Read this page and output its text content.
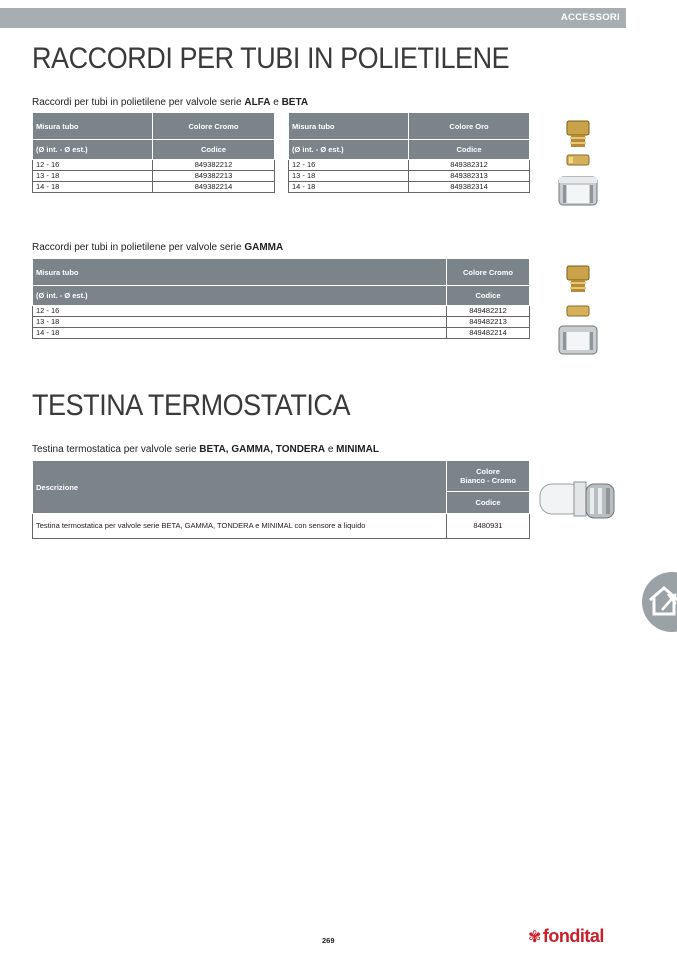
ACCESSORI
RACCORDI PER TUBI IN POLIETILENE
Raccordi per tubi in polietilene per valvole serie ALFA e BETA
Misura tubo	Colore Cromo
(Ø int. - Ø est.)	Codice
12 - 16	849382212
13 - 18	849382213
14 - 18	849382214
Misura tubo	Colore Oro
(Ø int. - Ø est.)	Codice
12 - 16	849382312
13 - 18	849382313
14 - 18	849382314
Raccordi per tubi in polietilene per valvole serie GAMMA
Misura tubo	Colore Cromo
(Ø int. - Ø est.)	Codice
12 - 16	849482212
13 - 18	849482213
14 - 18	849482214
TESTINA TERMOSTATICA
Testina termostatica per valvole serie BETA, GAMMA, TONDERA e MINIMAL
Descrizione	Colore
Bianco - Cromo
	Codice
Testina termostatica per valvole serie BETA, GAMMA, TONDERA e MINIMAL con sensore a liquido	8480931
269	✾ fondital
